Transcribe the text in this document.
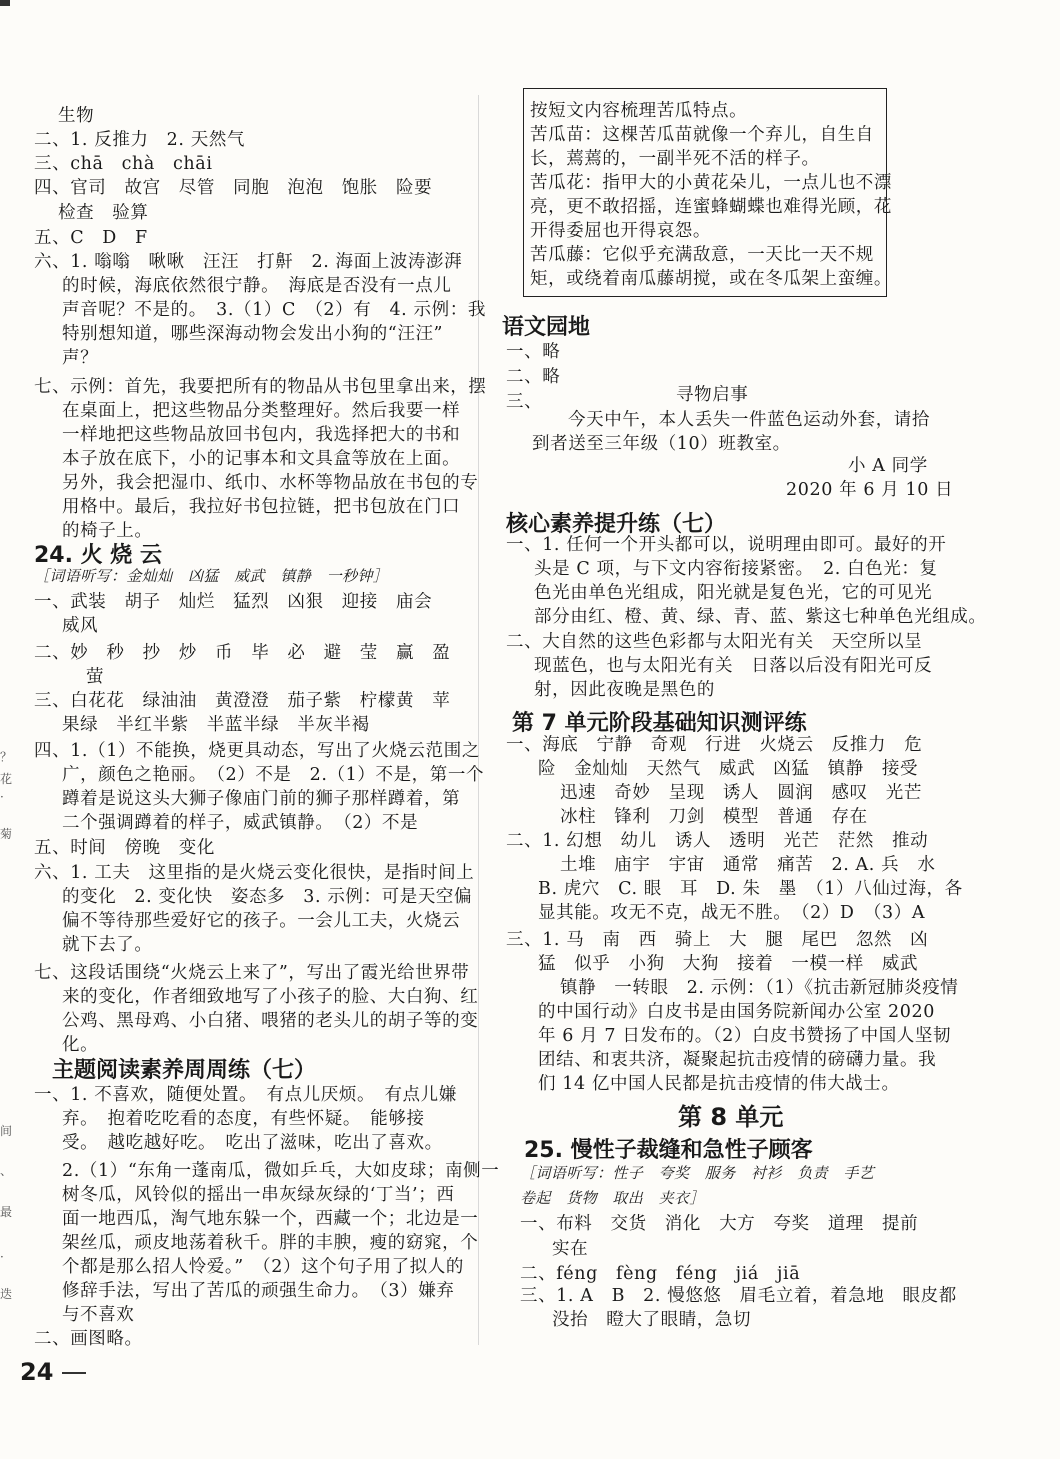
？
花
·
菊
间
、
最
·
迭
生物
二、1. 反推力　2. 天然气
三、chā　chà　chāi
四、官司　故宫　尽管　同胞　泡泡　饱胀　险要
检查　验算
五、C　D　F
六、1. 嗡嗡　啾啾　汪汪　打鼾　2. 海面上波涛澎湃
的时候，海底依然很宁静。　海底是否没有一点儿
声音呢？不是的。　3.（1）C　（2）有　4. 示例：我
特别想知道，哪些深海动物会发出小狗的“汪汪”
声？
七、示例：首先，我要把所有的物品从书包里拿出来，摆
在桌面上，把这些物品分类整理好。然后我要一样
一样地把这些物品放回书包内，我选择把大的书和
本子放在底下，小的记事本和文具盒等放在上面。
另外，我会把湿巾、纸巾、水杯等物品放在书包的专
用格中。最后，我拉好书包拉链，把书包放在门口
的椅子上。
24. 火 烧 云
［词语听写：金灿灿　凶猛　威武　镇静　一秒钟］
一、武装　胡子　灿烂　猛烈　凶狠　迎接　庙会
威风
二、妙　秒　抄　炒　币　毕　必　避　莹　赢　盈
萤
三、白花花　绿油油　黄澄澄　茄子紫　柠檬黄　苹
果绿　半红半紫　半蓝半绿　半灰半褐
四、1.（1）不能换，烧更具动态，写出了火烧云范围之
广，颜色之艳丽。　（2）不是　2.（1）不是，第一个
蹲着是说这头大狮子像庙门前的狮子那样蹲着，第
二个强调蹲着的样子，威武镇静。　（2）不是
五、时间　傍晚　变化
六、1. 工夫　这里指的是火烧云变化很快，是指时间上
的变化　2. 变化快　姿态多　3. 示例：可是天空偏
偏不等待那些爱好它的孩子。一会儿工夫，火烧云
就下去了。
七、这段话围绕“火烧云上来了”，写出了霞光给世界带
来的变化，作者细致地写了小孩子的脸、大白狗、红
公鸡、黑母鸡、小白猪、喂猪的老头儿的胡子等的变
化。
主题阅读素养周周练（七）
一、1. 不喜欢，随便处置。　有点儿厌烦。　有点儿嫌
弃。　抱着吃吃看的态度，有些怀疑。　能够接
受。　越吃越好吃。　吃出了滋味，吃出了喜欢。
2.（1）“东角一蓬南瓜，微如乒乓，大如皮球；南侧一
树冬瓜，风铃似的摇出一串灰绿灰绿的‘丁当’；西
面一地西瓜，淘气地东躲一个，西藏一个；北边是一
架丝瓜，顽皮地荡着秋千。胖的丰腴，瘦的窈窕，个
个都是那么招人怜爱。”　（2）这个句子用了拟人的
修辞手法，写出了苦瓜的顽强生命力。　（3）嫌弃
与不喜欢
二、画图略。
24
按短文内容梳理苦瓜特点。
苦瓜苗：这棵苦瓜苗就像一个弃儿，自生自
长，蔫蔫的，一副半死不活的样子。
苦瓜花：指甲大的小黄花朵儿，一点儿也不漂
亮，更不敢招摇，连蜜蜂蝴蝶也难得光顾，花
开得委屈也开得哀怨。
苦瓜藤：它似乎充满敌意，一天比一天不规
矩，或绕着南瓜藤胡搅，或在冬瓜架上蛮缠。
语文园地
一、略
二、略
三、	寻物启事
今天中午，本人丢失一件蓝色运动外套，请拾
到者送至三年级（10）班教室。
小 A 同学
2020 年 6 月 10 日
核心素养提升练（七）
一、1. 任何一个开头都可以，说明理由即可。最好的开
头是 C 项，与下文内容衔接紧密。　2. 白色光：复
色光由单色光组成，阳光就是复色光，它的可见光
部分由红、橙、黄、绿、青、蓝、紫这七种单色光组成。
二、大自然的这些色彩都与太阳光有关　天空所以呈
现蓝色，也与太阳光有关　日落以后没有阳光可反
射，因此夜晚是黑色的
第 7 单元阶段基础知识测评练
一、海底　宁静　奇观　行进　火烧云　反推力　危
险　金灿灿　天然气　威武　凶猛　镇静　接受
迅速　奇妙　呈现　诱人　圆润　感叹　光芒
冰柱　锋利　刀剑　模型　普通　存在
二、1. 幻想　幼儿　诱人　透明　光芒　茫然　推动
土堆　庙宇　宇宙　通常　痛苦　2. A. 兵　水
B. 虎穴　C. 眼　耳　D. 朱　墨　（1）八仙过海，各
显其能。攻无不克，战无不胜。　（2）D　（3）A
三、1. 马　南　西　骑上　大　腿　尾巴　忽然　凶
猛　似乎　小狗　大狗　接着　一模一样　威武
镇静　一转眼　2. 示例：（1）《抗击新冠肺炎疫情
的中国行动》白皮书是由国务院新闻办公室 2020
年 6 月 7 日发布的。（2）白皮书赞扬了中国人坚韧
团结、和衷共济，凝聚起抗击疫情的磅礴力量。我
们 14 亿中国人民都是抗击疫情的伟大战士。
第 8 单元
25. 慢性子裁缝和急性子顾客
［词语听写：性子　夸奖　服务　衬衫　负责　手艺
卷起　货物　取出　夹衣］
一、布料　交货　消化　大方　夸奖　道理　提前
实在
二、féng　fèng　féng　jiá　jiā
三、1. A　B　2. 慢悠悠　眉毛立着，着急地　眼皮都
没抬　瞪大了眼睛，急切
